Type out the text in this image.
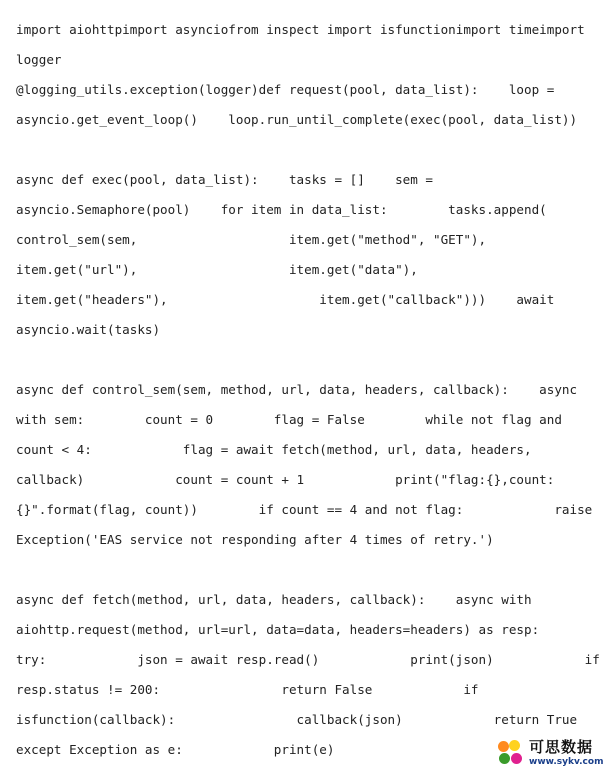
import aiohttpimport asynciofrom inspect import isfunctionimport timeimport
logger
@logging_utils.exception(logger)def request(pool, data_list):    loop =
asyncio.get_event_loop()    loop.run_until_complete(exec(pool, data_list))
async def exec(pool, data_list):    tasks = []    sem =
asyncio.Semaphore(pool)    for item in data_list:        tasks.append(
control_sem(sem,                    item.get("method", "GET"),
item.get("url"),                    item.get("data"),
item.get("headers"),                    item.get("callback")))    await
asyncio.wait(tasks)
async def control_sem(sem, method, url, data, headers, callback):    async
with sem:        count = 0        flag = False        while not flag and
count < 4:            flag = await fetch(method, url, data, headers,
callback)            count = count + 1            print("flag:{},count:
{}".format(flag, count))        if count == 4 and not flag:            raise
Exception('EAS service not responding after 4 times of retry.')
async def fetch(method, url, data, headers, callback):    async with
aiohttp.request(method, url=url, data=data, headers=headers) as resp:
try:            json = await resp.read()            print(json)            if
resp.status != 200:                return False            if
isfunction(callback):                callback(json)            return True
except Exception as e:            print(e)	可思数据
www.sykv.com
